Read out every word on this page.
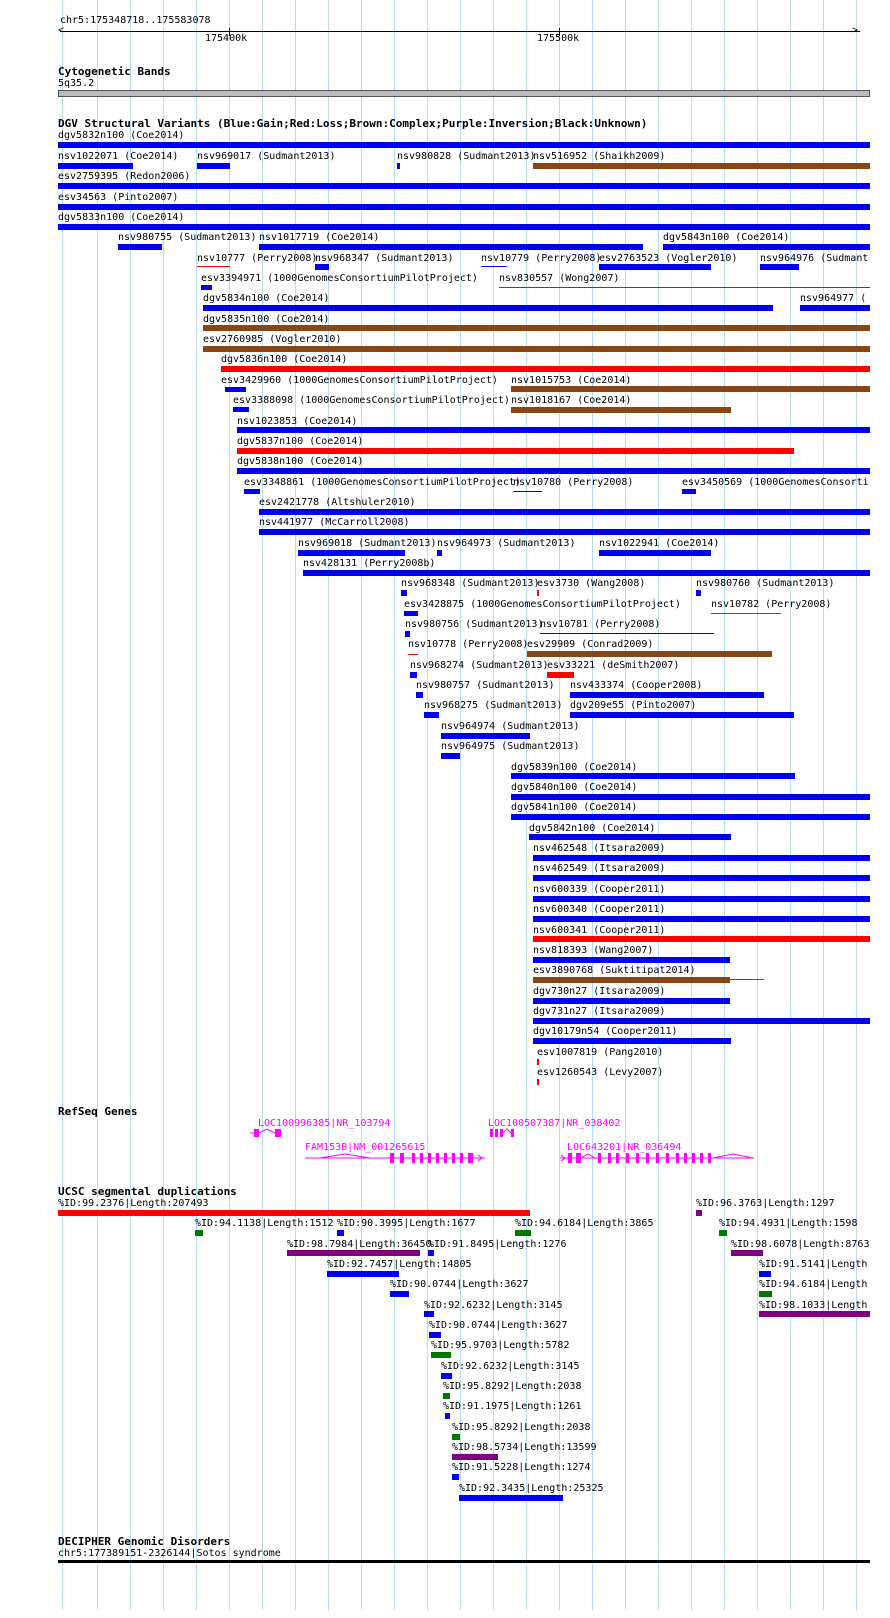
chr5:175348718..175583078
<	>
175400k	175500k
Cytogenetic Bands
5q35.2
DGV Structural Variants (Blue:Gain;Red:Loss;Brown:Complex;Purple:Inversion;Black:Unknown)
dgv5832n100 (Coe2014)
nsv1022071 (Coe2014) nsv969017 (Sudmant2013)	nsv980828 (Sudmant2013)
nsv516952 (Shaikh2009)
esv2759395 (Redon2006)
esv34563 (Pinto2007)
dgv5833n100 (Coe2014)
nsv980755 (Sudmant2013) nsv1017719 (Coe2014)	dgv5843n100 (Coe2014)
nsv10777 (Perry2008)
nsv968347 (Sudmant2013)	nsv10779 (Perry2008)
esv2763523 (Vogler2010) nsv964976 (Sudmant
esv3394971 (1000GenomesConsortiumPilotProject) nsv830557 (Wong2007)
dgv5834n100 (Coe2014)	nsv964977 (
dgv5835n100 (Coe2014)
esv2760985 (Vogler2010)
dgv5836n100 (Coe2014)
esv3429960 (1000GenomesConsortiumPilotProject) nsv1015753 (Coe2014)
esv3388098 (1000GenomesConsortiumPilotProject) nsv1018167 (Coe2014)
nsv1023853 (Coe2014)
dgv5837n100 (Coe2014)
dgv5838n100 (Coe2014)
esv3348861 (1000GenomesConsortiumPilotProject)
nsv10780 (Perry2008)	esv3450569 (1000GenomesConsorti
esv2421778 (Altshuler2010)
nsv441977 (McCarroll2008)
nsv969018 (Sudmant2013) nsv964973 (Sudmant2013) nsv1022941 (Coe2014)
nsv428131 (Perry2008b)
nsv968348 (Sudmant2013)
esv3730 (Wang2008)	nsv980760 (Sudmant2013)
esv3428875 (1000GenomesConsortiumPilotProject)	nsv10782 (Perry2008)
nsv980756 (Sudmant2013)
nsv10781 (Perry2008)
nsv10778 (Perry2008)
esv29909 (Conrad2009)
nsv968274 (Sudmant2013)
esv33221 (deSmith2007)
nsv980757 (Sudmant2013) nsv433374 (Cooper2008)
nsv968275 (Sudmant2013) dgv209e55 (Pinto2007)
nsv964974 (Sudmant2013)
nsv964975 (Sudmant2013)
dgv5839n100 (Coe2014)
dgv5840n100 (Coe2014)
dgv5841n100 (Coe2014)
dgv5842n100 (Coe2014)
nsv462548 (Itsara2009)
nsv462549 (Itsara2009)
nsv600339 (Cooper2011)
nsv600340 (Cooper2011)
nsv600341 (Cooper2011)
nsv818393 (Wang2007)
esv3890768 (Suktitipat2014)
dgv730n27 (Itsara2009)
dgv731n27 (Itsara2009)
dgv10179n54 (Cooper2011)
esv1007819 (Pang2010)
esv1260543 (Levy2007)
RefSeq Genes
LOC100996385|NR_103794	LOC100507387|NR_038402
FAM153B|NM_001265615	LOC643201|NR_036494
UCSC segmental duplications
%ID:99.2376|Length:207493	%ID:96.3763|Length:1297
%ID:94.1138|Length:1512 %ID:90.3995|Length:1677	%ID:94.6184|Length:3865	%ID:94.4931|Length:1598
%ID:98.7984|Length:36450
%ID:91.8495|Length:1276	%ID:98.6078|Length:8763
%ID:92.7457|Length:14805	%ID:91.5141|Length
%ID:90.0744|Length:3627	%ID:94.6184|Length
%ID:92.6232|Length:3145	%ID:98.1033|Length
%ID:90.0744|Length:3627
%ID:95.9703|Length:5782
%ID:92.6232|Length:3145
%ID:95.8292|Length:2038
%ID:91.1975|Length:1261
%ID:95.8292|Length:2038
%ID:98.5734|Length:13599
%ID:91.5228|Length:1274
%ID:92.3435|Length:25325
DECIPHER Genomic Disorders
chr5:177389151-2326144|Sotos syndrome
